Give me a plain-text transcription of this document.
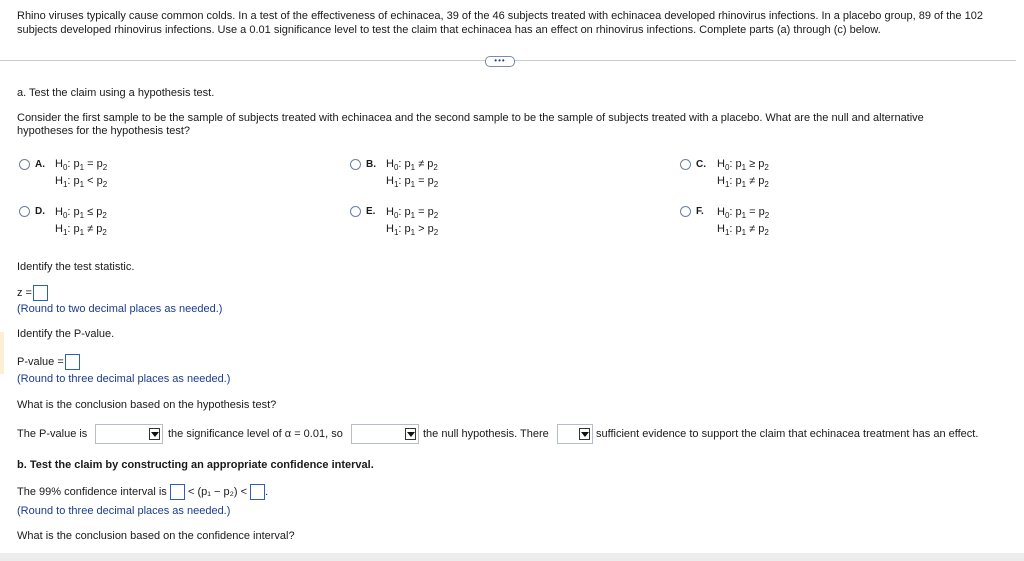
Rhino viruses typically cause common colds. In a test of the effectiveness of echinacea, 39 of the 46 subjects treated with echinacea developed rhinovirus infections. In a placebo group, 89 of the 102 subjects developed rhinovirus infections. Use a 0.01 significance level to test the claim that echinacea has an effect on rhinovirus infections. Complete parts (a) through (c) below.
•••
a. Test the claim using a hypothesis test.
Consider the first sample to be the sample of subjects treated with echinacea and the second sample to be the sample of subjects treated with a placebo. What are the null and alternative hypotheses for the hypothesis test?
A. $H_0$: $p_1 = p_2$
$H_1$: $p_1 < p_2$
B. $H_0$: $p_1 \ne p_2$
$H_1$: $p_1 = p_2$
C. $H_0$: $p_1 \ge p_2$
$H_1$: $p_1 \ne p_2$
D. $H_0$: $p_1 \le p_2$
$H_1$: $p_1 \ne p_2$
E. $H_0$: $p_1 = p_2$
$H_1$: $p_1 > p_2$
F. $H_0$: $p_1 = p_2$
$H_1$: $p_1 \ne p_2$
Identify the test statistic.
z =
(Round to two decimal places as needed.)
Identify the P-value.
P-value =
(Round to three decimal places as needed.)
What is the conclusion based on the hypothesis test?
The P-value is	the significance level of α = 0.01, so	the null hypothesis. There	sufficient evidence to support the claim that echinacea treatment has an effect.
b. Test the claim by constructing an appropriate confidence interval.
The 99% confidence interval is < (p₁ − p₂) < .
(Round to three decimal places as needed.)
What is the conclusion based on the confidence interval?
